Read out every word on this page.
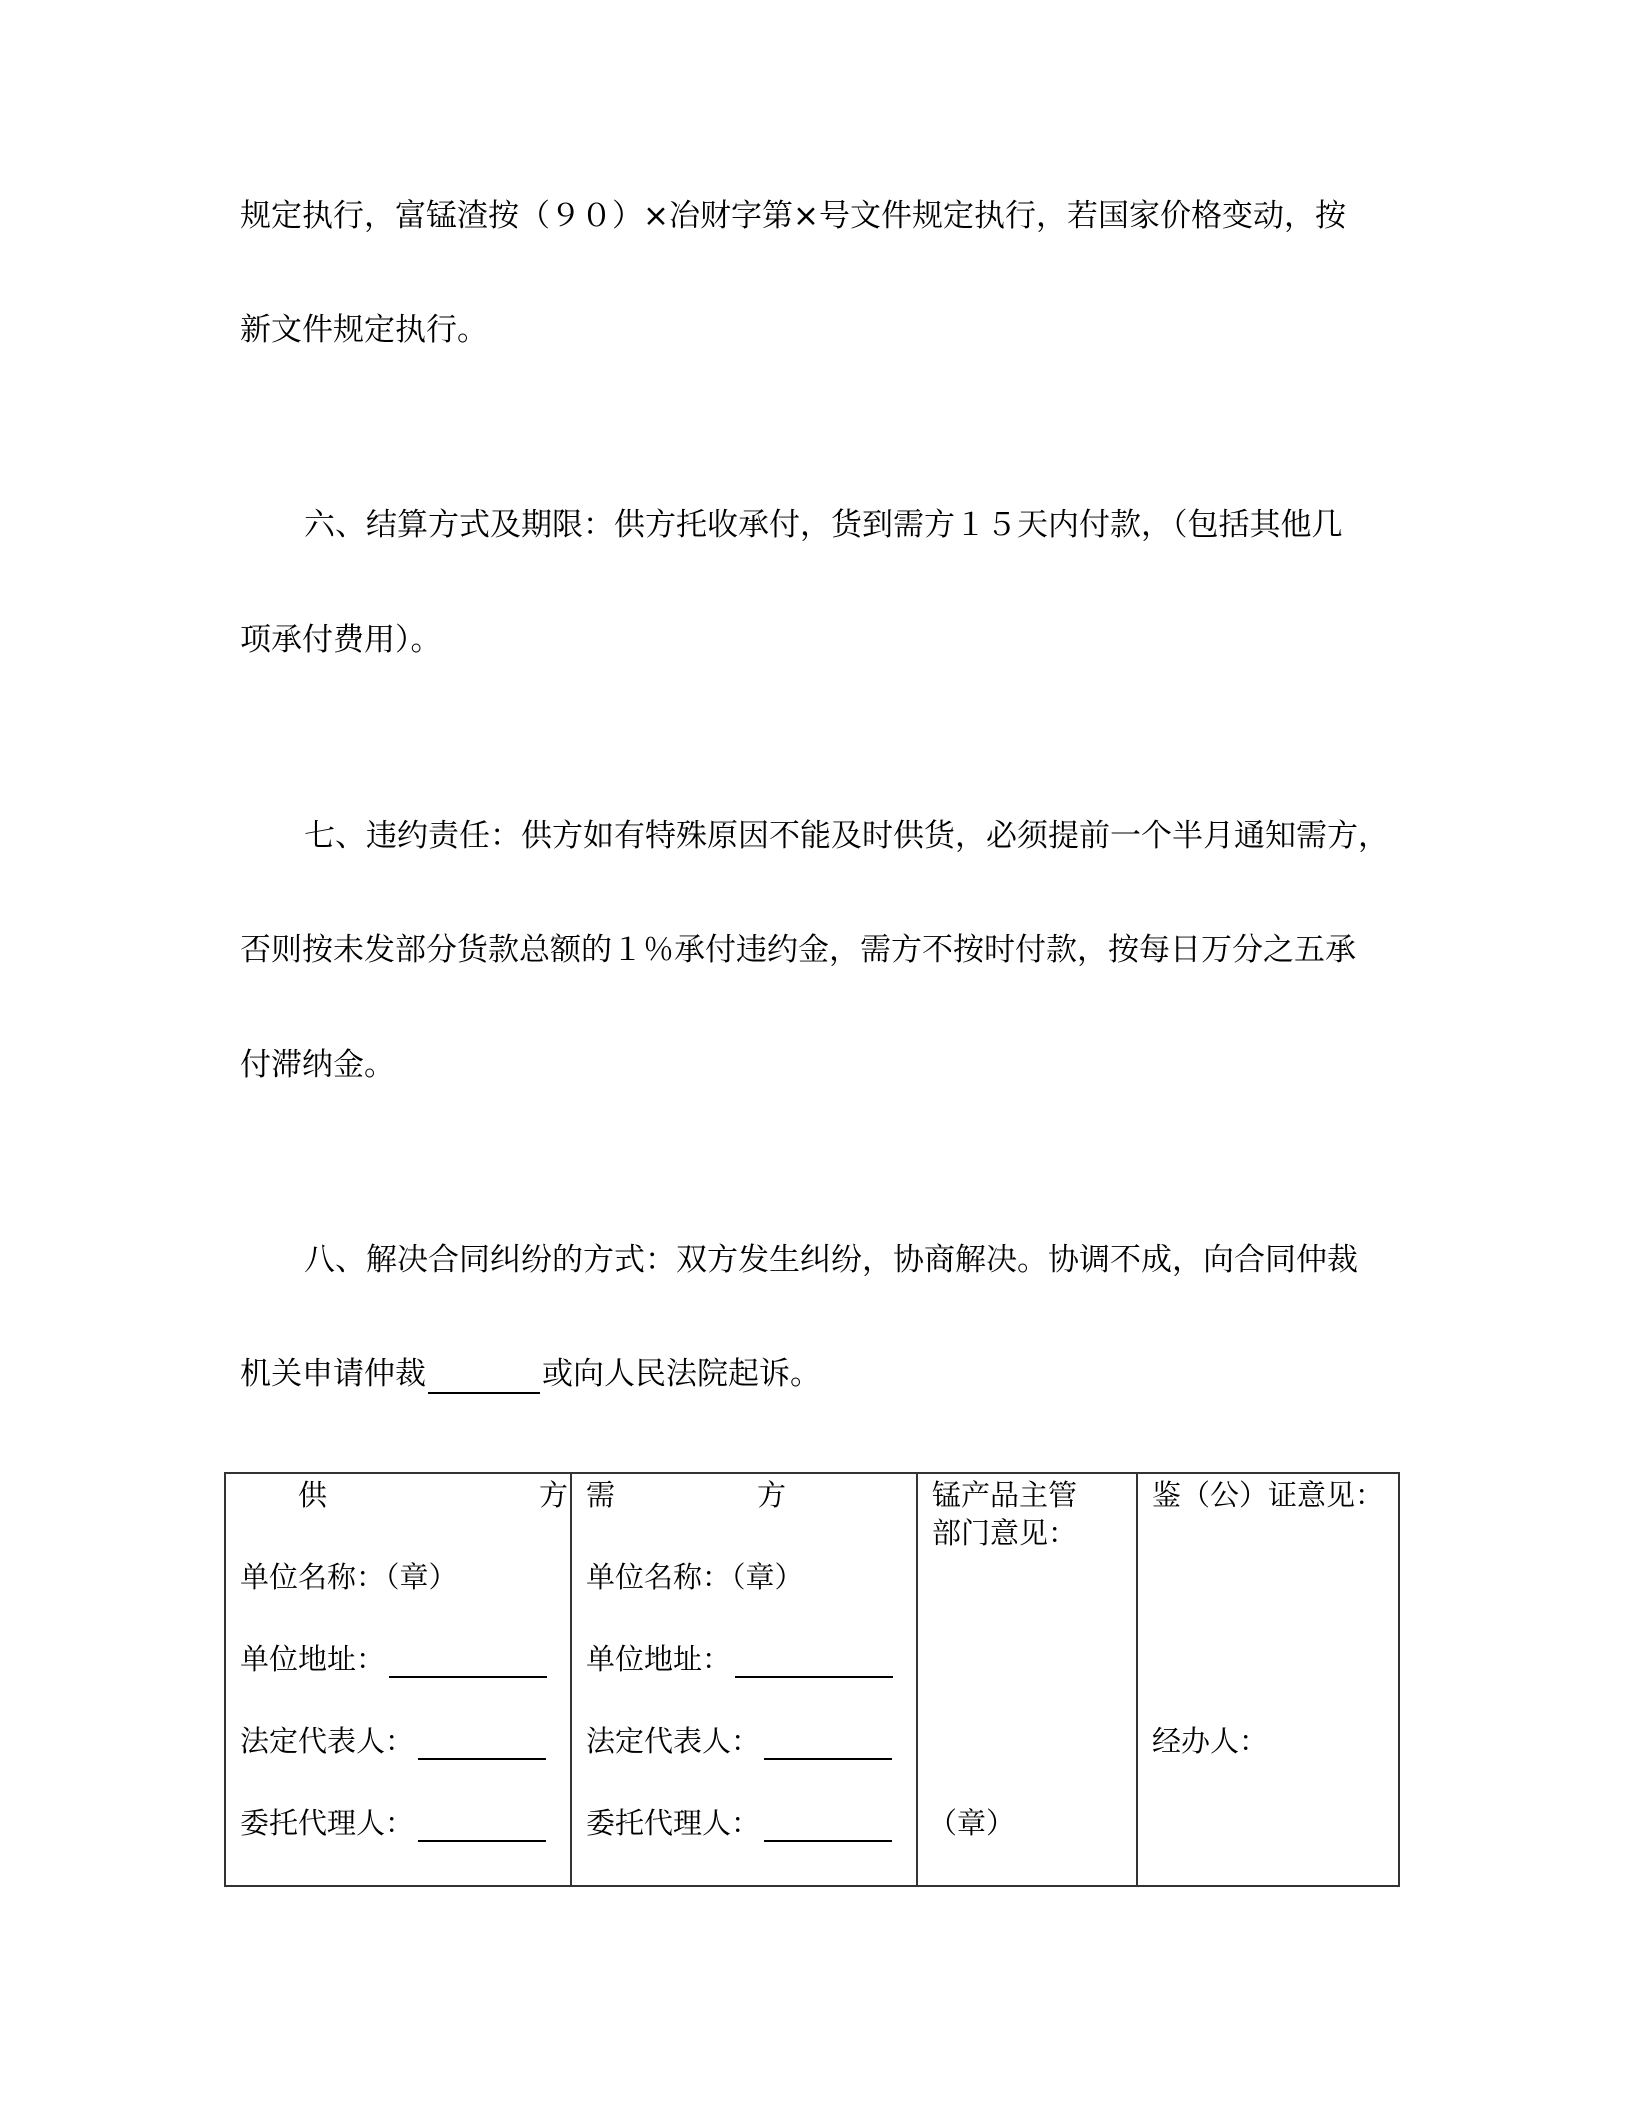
规定执行，富锰渣按（９０）×冶财字第×号文件规定执行，若国家价格变动，按
新文件规定执行。
六、结算方式及期限：供方托收承付，货到需方１５天内付款，（包括其他几
项承付费用）。
七、违约责任：供方如有特殊原因不能及时供货，必须提前一个半月通知需方，
否则按未发部分货款总额的１％承付违约金，需方不按时付款，按每日万分之五承
付滞纳金。
八、解决合同纠纷的方式：双方发生纠纷，协商解决。协调不成，向合同仲裁
机关申请仲裁	或向人民法院起诉。
供	方
单位名称：（章）
单位地址：
法定代表人：
委托代理人：

需	方
单位名称：（章）
单位地址：
法定代表人：
委托代理人：

锰产品主管
部门意见：
（章）

鉴（公）证意见：
经办人：
